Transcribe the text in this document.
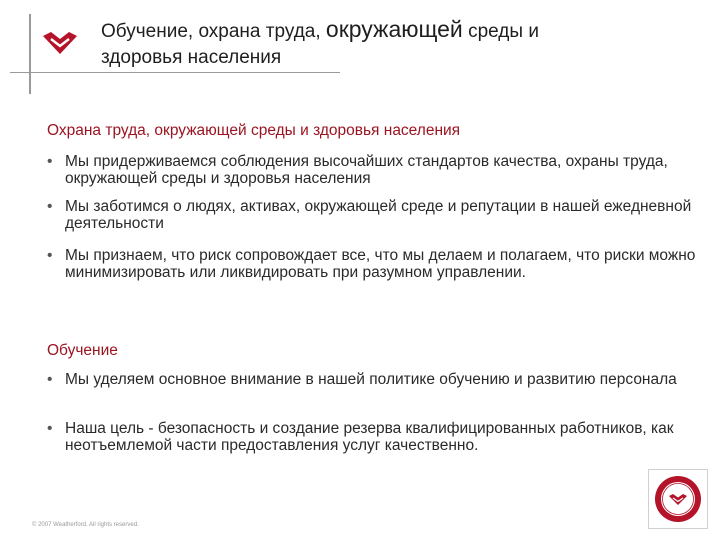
Обучение, охрана труда, окружающей среды и
здоровья населения
Охрана труда, окружающей среды и здоровья населения
• Мы придерживаемся соблюдения высочайших стандартов качества, охраны труда, окружающей среды и здоровья населения
• Мы заботимся о людях, активах, окружающей среде и репутации в нашей ежедневной деятельности
• Мы признаем, что риск сопровождает все, что мы делаем и полагаем, что риски можно минимизировать или ликвидировать при разумном управлении.
Обучение
• Мы уделяем основное внимание в нашей политике обучению и развитию персонала
• Наша цель - безопасность и создание резерва квалифицированных работников, как неотъемлемой части предоставления услуг качественно.
© 2007 Weatherford. All rights reserved.
